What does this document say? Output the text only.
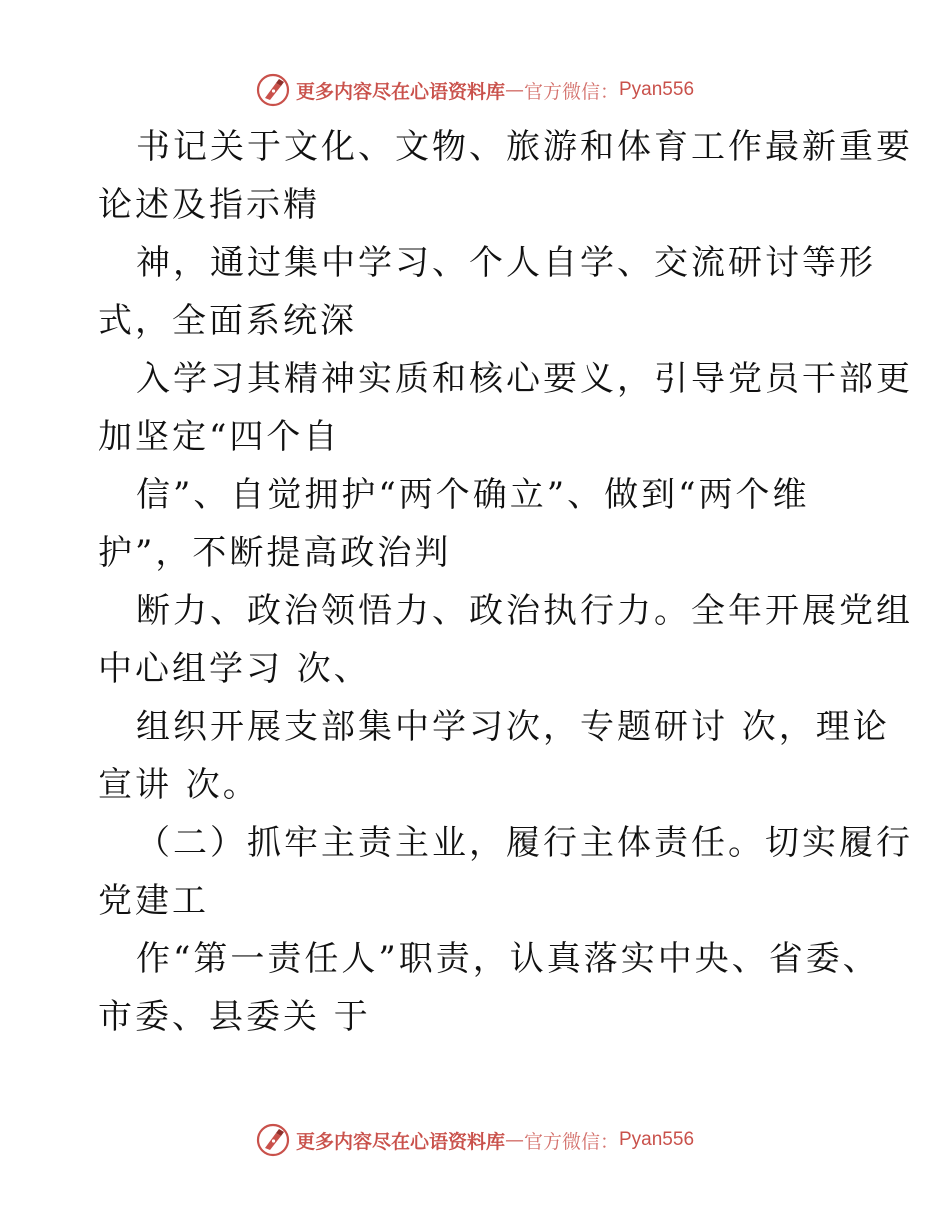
更多内容尽在心语资料库 — 官方微信： Pyan556
书记关于文化、文物、旅游和体育工作最新重要
论述及指示精
神，通过集中学习、个人自学、交流研讨等形
式，全面系统深
入学习其精神实质和核心要义，引导党员干部更
加坚定“四个自
信”、自觉拥护“两个确立”、做到“两个维
护”，不断提高政治判
断力、政治领悟力、政治执行力。全年开展党组
中心组学习 次、
组织开展支部集中学习次，专题研讨 次，理论
宣讲 次。
（二）抓牢主责主业，履行主体责任。切实履行
党建工
作“第一责任人”职责，认真落实中央、省委、
市委、县委关 于
更多内容尽在心语资料库 — 官方微信： Pyan556
